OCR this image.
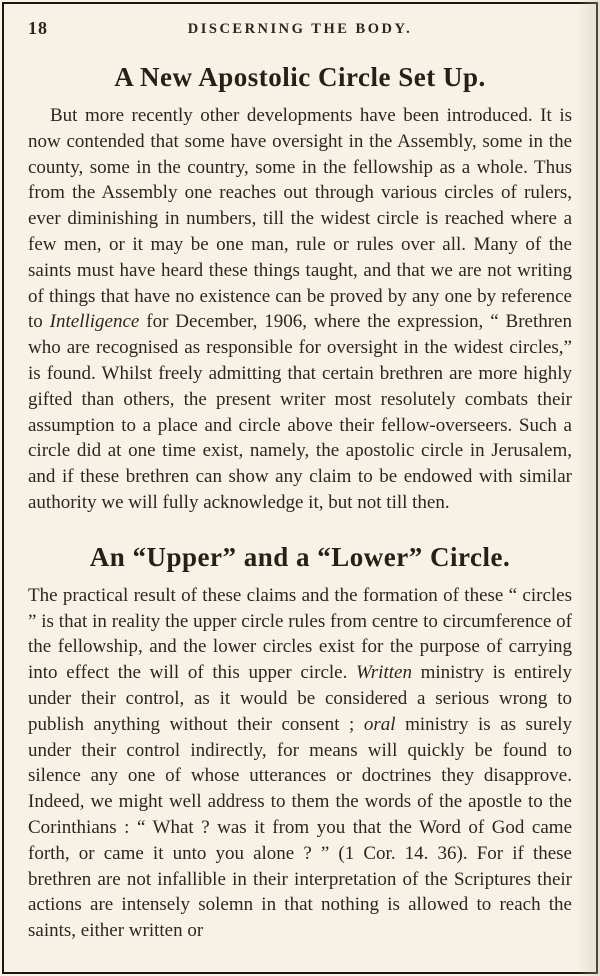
18	DISCERNING THE BODY.
A New Apostolic Circle Set Up.

But more recently other developments have been introduced. It is now contended that some have oversight in the Assembly, some in the county, some in the country, some in the fellowship as a whole. Thus from the Assembly one reaches out through various circles of rulers, ever diminishing in numbers, till the widest circle is reached where a few men, or it may be one man, rule or rules over all. Many of the saints must have heard these things taught, and that we are not writing of things that have no existence can be proved by any one by reference to Intelligence for December, 1906, where the expression, “ Brethren who are recognised as responsible for oversight in the widest circles,” is found. Whilst freely admitting that certain brethren are more highly gifted than others, the present writer most resolutely combats their assumption to a place and circle above their fellow-overseers. Such a circle did at one time exist, namely, the apostolic circle in Jerusalem, and if these brethren can show any claim to be endowed with similar authority we will fully acknowledge it, but not till then.

An “Upper” and a “Lower” Circle.

The practical result of these claims and the formation of these “ circles ” is that in reality the upper circle rules from centre to circumference of the fellowship, and the lower circles exist for the purpose of carrying into effect the will of this upper circle. Written ministry is entirely under their control, as it would be considered a serious wrong to publish anything without their consent ; oral ministry is as surely under their control indirectly, for means will quickly be found to silence any one of whose utterances or doctrines they disapprove. Indeed, we might well address to them the words of the apostle to the Corinthians : “ What ? was it from you that the Word of God came forth, or came it unto you alone ? ” (1 Cor. 14. 36). For if these brethren are not infallible in their interpretation of the Scriptures their actions are intensely solemn in that nothing is allowed to reach the saints, either written or
